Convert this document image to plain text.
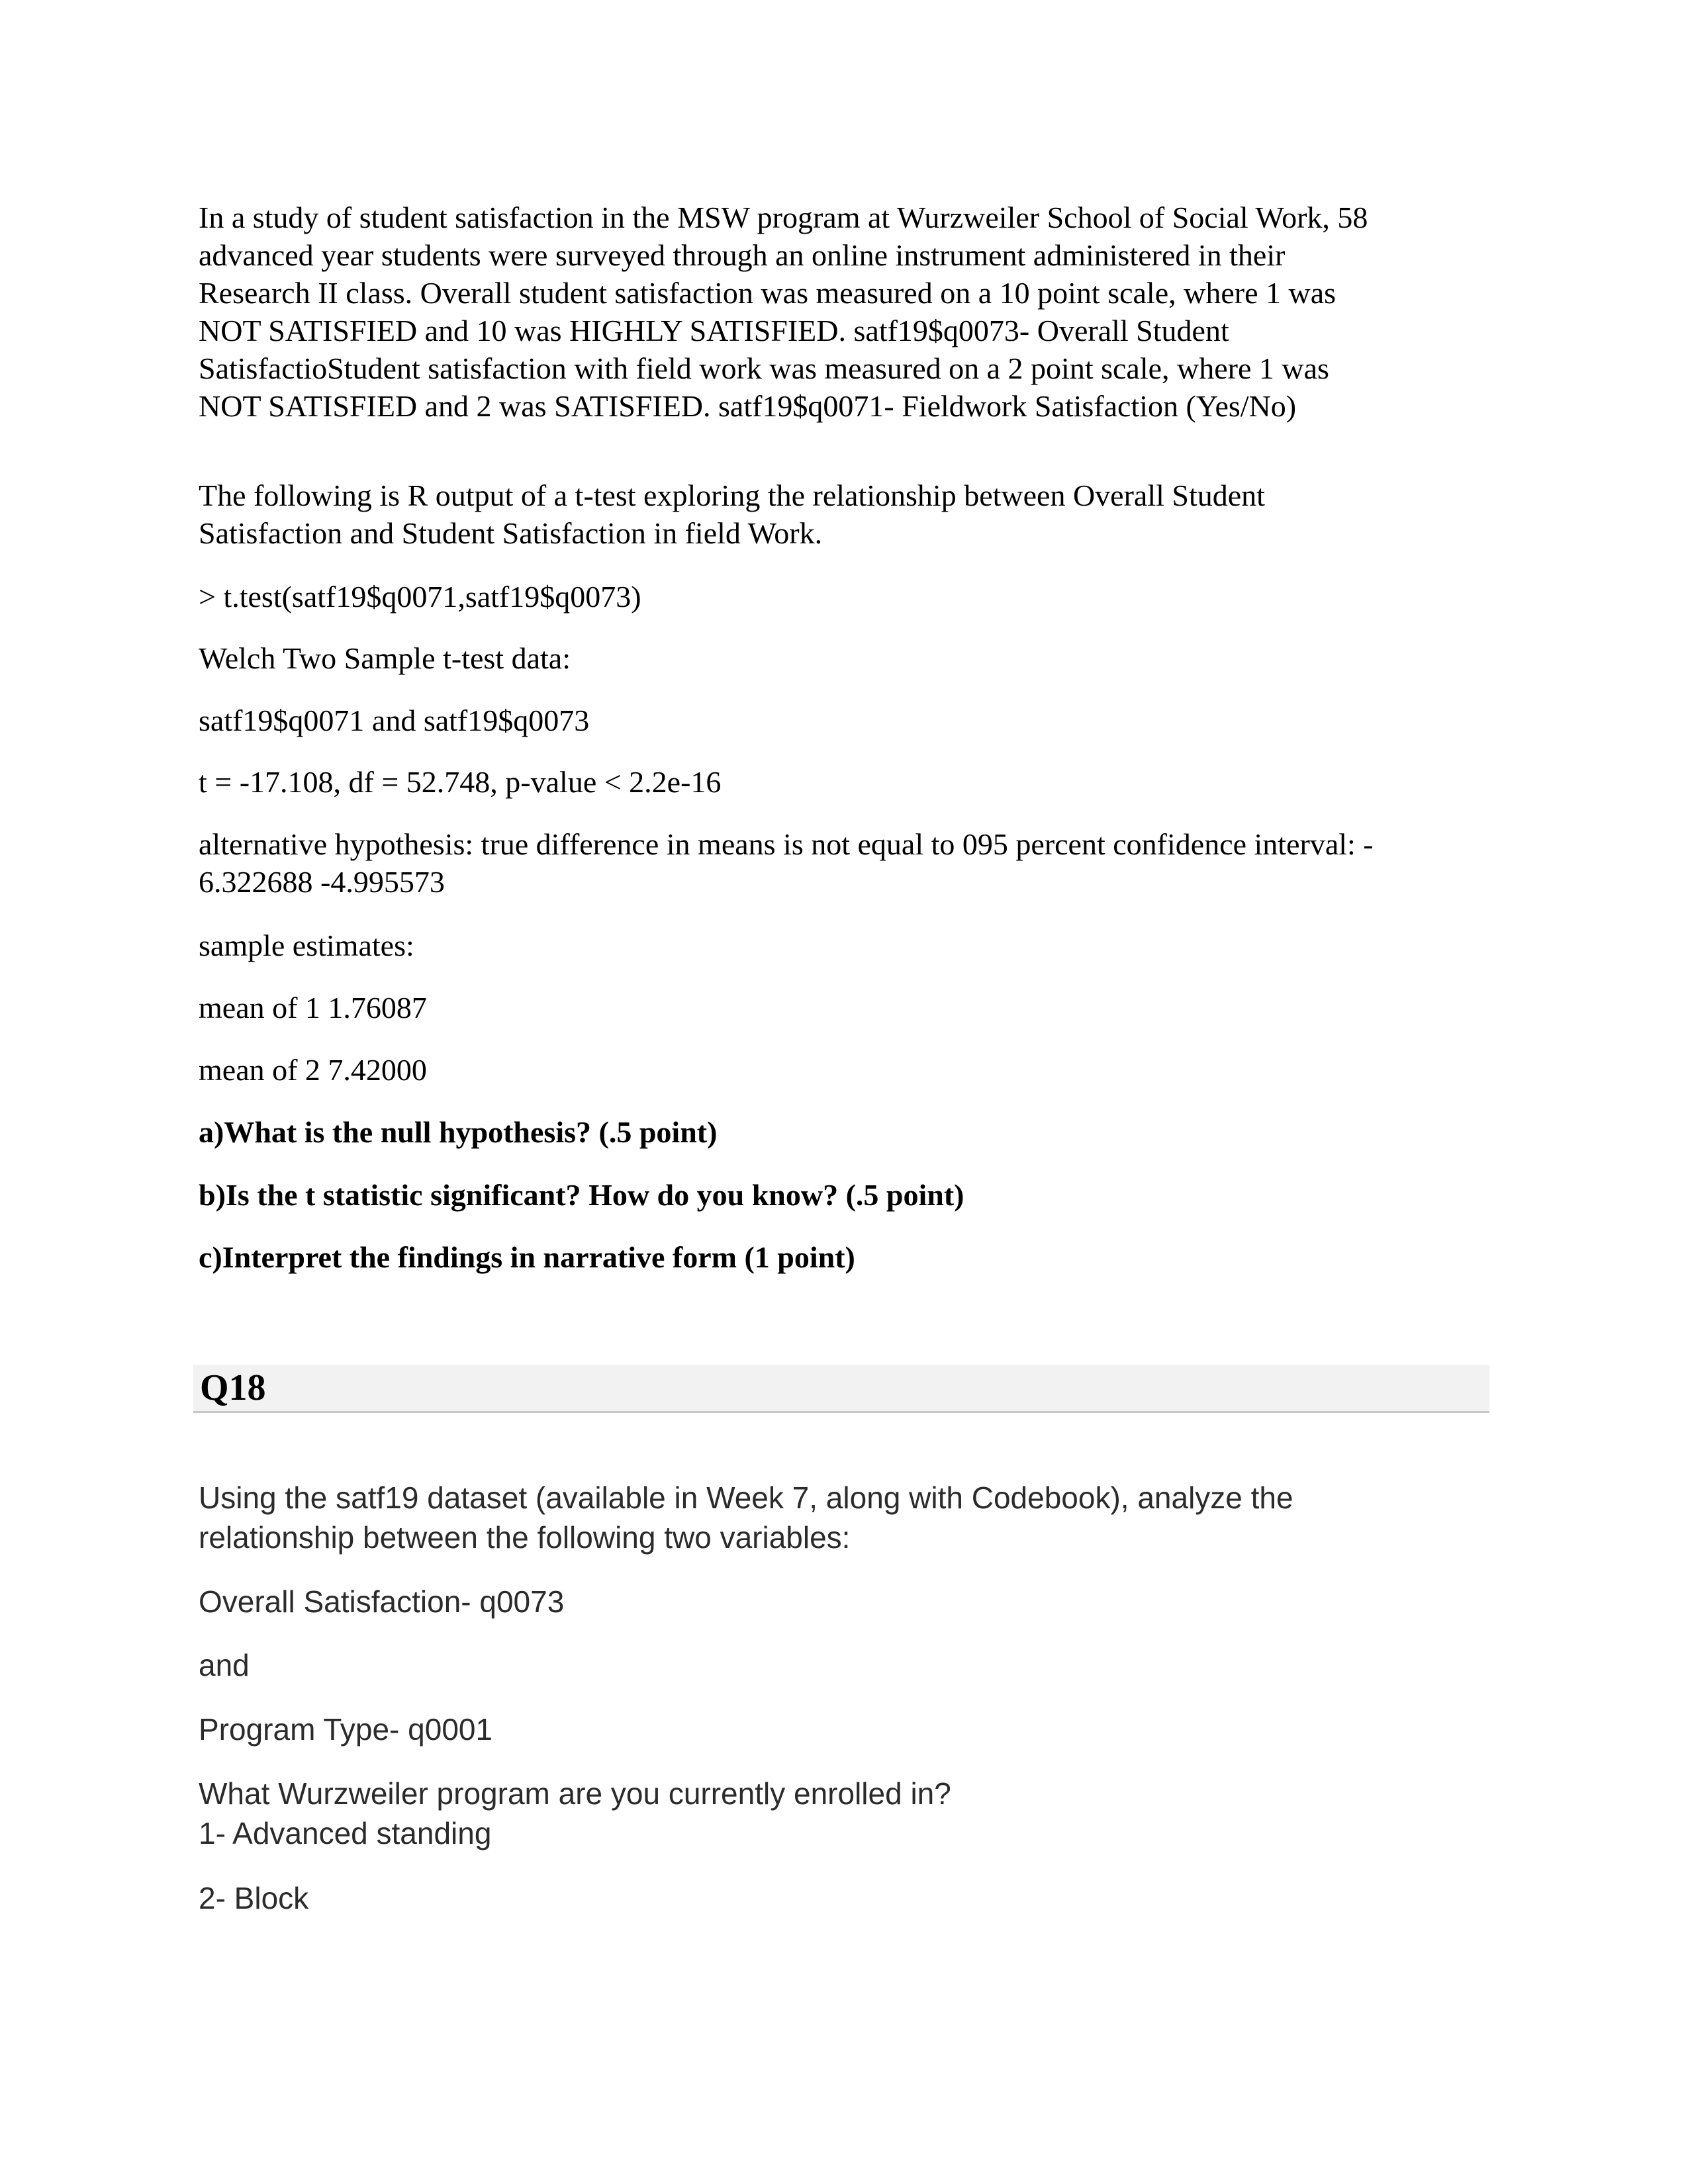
In a study of student satisfaction in the MSW program at Wurzweiler School of Social Work, 58
advanced year students were surveyed through an online instrument administered in their
Research II class. Overall student satisfaction was measured on a 10 point scale, where 1 was
NOT SATISFIED and 10 was HIGHLY SATISFIED. satf19$q0073- Overall Student
SatisfactioStudent satisfaction with field work was measured on a 2 point scale, where 1 was
NOT SATISFIED and 2 was SATISFIED. satf19$q0071- Fieldwork Satisfaction (Yes/No)
The following is R output of a t-test exploring the relationship between Overall Student
Satisfaction and Student Satisfaction in field Work.
> t.test(satf19$q0071,satf19$q0073)
Welch Two Sample t-test data:
satf19$q0071 and satf19$q0073
t = -17.108, df = 52.748, p-value < 2.2e-16
alternative hypothesis: true difference in means is not equal to 095 percent confidence interval: -
6.322688 -4.995573
sample estimates:
mean of 1 1.76087
mean of 2 7.42000
a)What is the null hypothesis? (.5 point)
b)Is the t statistic significant? How do you know? (.5 point)
c)Interpret the findings in narrative form (1 point)
Q18
Using the satf19 dataset (available in Week 7, along with Codebook), analyze the
relationship between the following two variables:
Overall Satisfaction- q0073
and
Program Type- q0001
What Wurzweiler program are you currently enrolled in?
1- Advanced standing
2- Block
